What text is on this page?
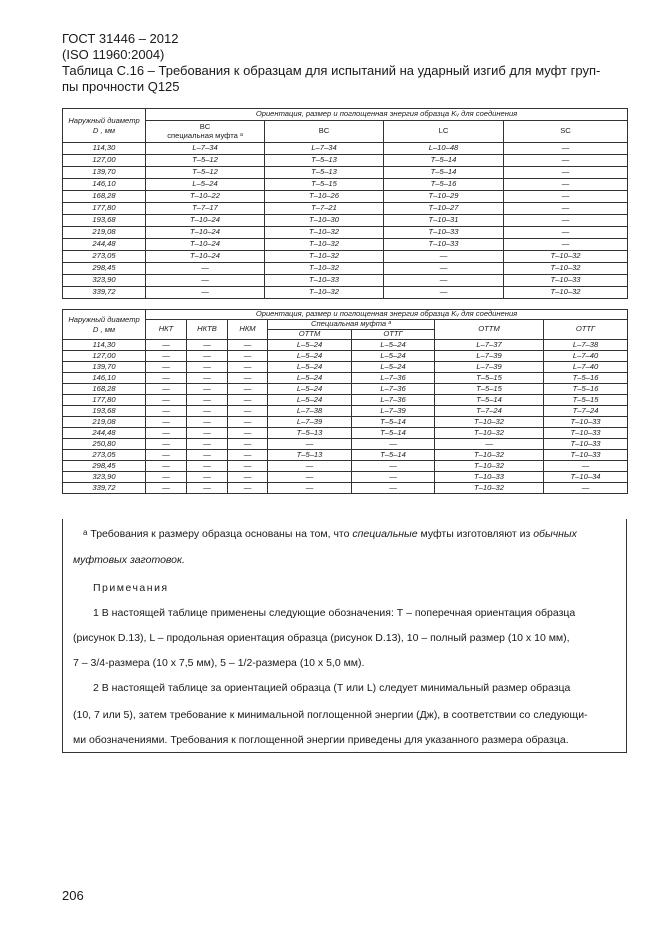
ГОСТ 31446 – 2012
(ISO 11960:2004)
Таблица С.16 – Требования к образцам для испытаний на ударный изгиб для муфт груп-
пы прочности Q125
Наружный диаметр D , мм	Ориентация, размер и поглощенная энергия образца Kᵥ для соединения			

	BC
специальная муфта ᵃ	BC	LC	SC
114,30	L–7–34	L–7–34	L–10–48	—
127,00	T–5–12	T–5–13	T–5–14	—
139,70	T–5–12	T–5–13	T–5–14	—
146,10	L–5–24	T–5–15	T–5–16	—
168,28	T–10–22	T–10–26	T–10–29	—
177,80	T–7–17	T–7–21	T–10–27	—
193,68	T–10–24	T–10–30	T–10–31	—
219,08	T–10–24	T–10–32	T–10–33	—
244,48	T–10–24	T–10–32	T–10–33	—
273,05	T–10–24	T–10–32	—	T–10–32
298,45	—	T–10–32	—	T–10–32
323,90	—	T–10–33	—	T–10–33
339,72	—	T–10–32	—	T–10–32
Наружный диаметр D , мм	Ориентация, размер и поглощенная энергия образца Kᵥ для соединения						
	НКТ	НКТВ	НКМ	Специальная муфта ᵃ		ОТТМ	ОТТГ
				ОТТМ	ОТТГ		
114,30	—	—	—	L–5–24	L–5–24	L–7–37	L–7–38
127,00	—	—	—	L–5–24	L–5–24	L–7–39	L–7–40
139,70	—	—	—	L–5–24	L–5–24	L–7–39	L–7–40
146,10	—	—	—	L–5–24	L–7–36	T–5–15	T–5–16
168,28	—	—	—	L–5–24	L–7–36	T–5–15	T–5–16
177,80	—	—	—	L–5–24	L–7–36	T–5–14	T–5–15
193,68	—	—	—	L–7–38	L–7–39	T–7–24	T–7–24
219,08	—	—	—	L–7–39	T–5–14	T–10–32	T–10–33
244,48	—	—	—	T–5–13	T–5–14	T–10–32	T–10–33
250,80	—	—	—	—	—	—	T–10–33
273,05	—	—	—	T–5–13	T–5–14	T–10–32	T–10–33
298,45	—	—	—	—	—	T–10–32	—
323,90	—	—	—	—	—	T–10–33	T–10–34
339,72	—	—	—	—	—	T–10–32	—
$^а$ Требования к размеру образца основаны на том, что специальные муфты изготовляют из обычных
муфтовых заготовок.
Примечания
1 В настоящей таблице применены следующие обозначения: Т – поперечная ориентация образца
(рисунок D.13), L – продольная ориентация образца (рисунок D.13), 10 – полный размер (10 x 10 мм),
7 – 3/4-размера (10 x 7,5 мм), 5 – 1/2-размера (10 x 5,0 мм).
2 В настоящей таблице за ориентацией образца (T или L) следует минимальный размер образца
(10, 7 или 5), затем требование к минимальной поглощенной энергии (Дж), в соответствии со следующи-
ми обозначениями. Требования к поглощенной энергии приведены для указанного размера образца.
206
